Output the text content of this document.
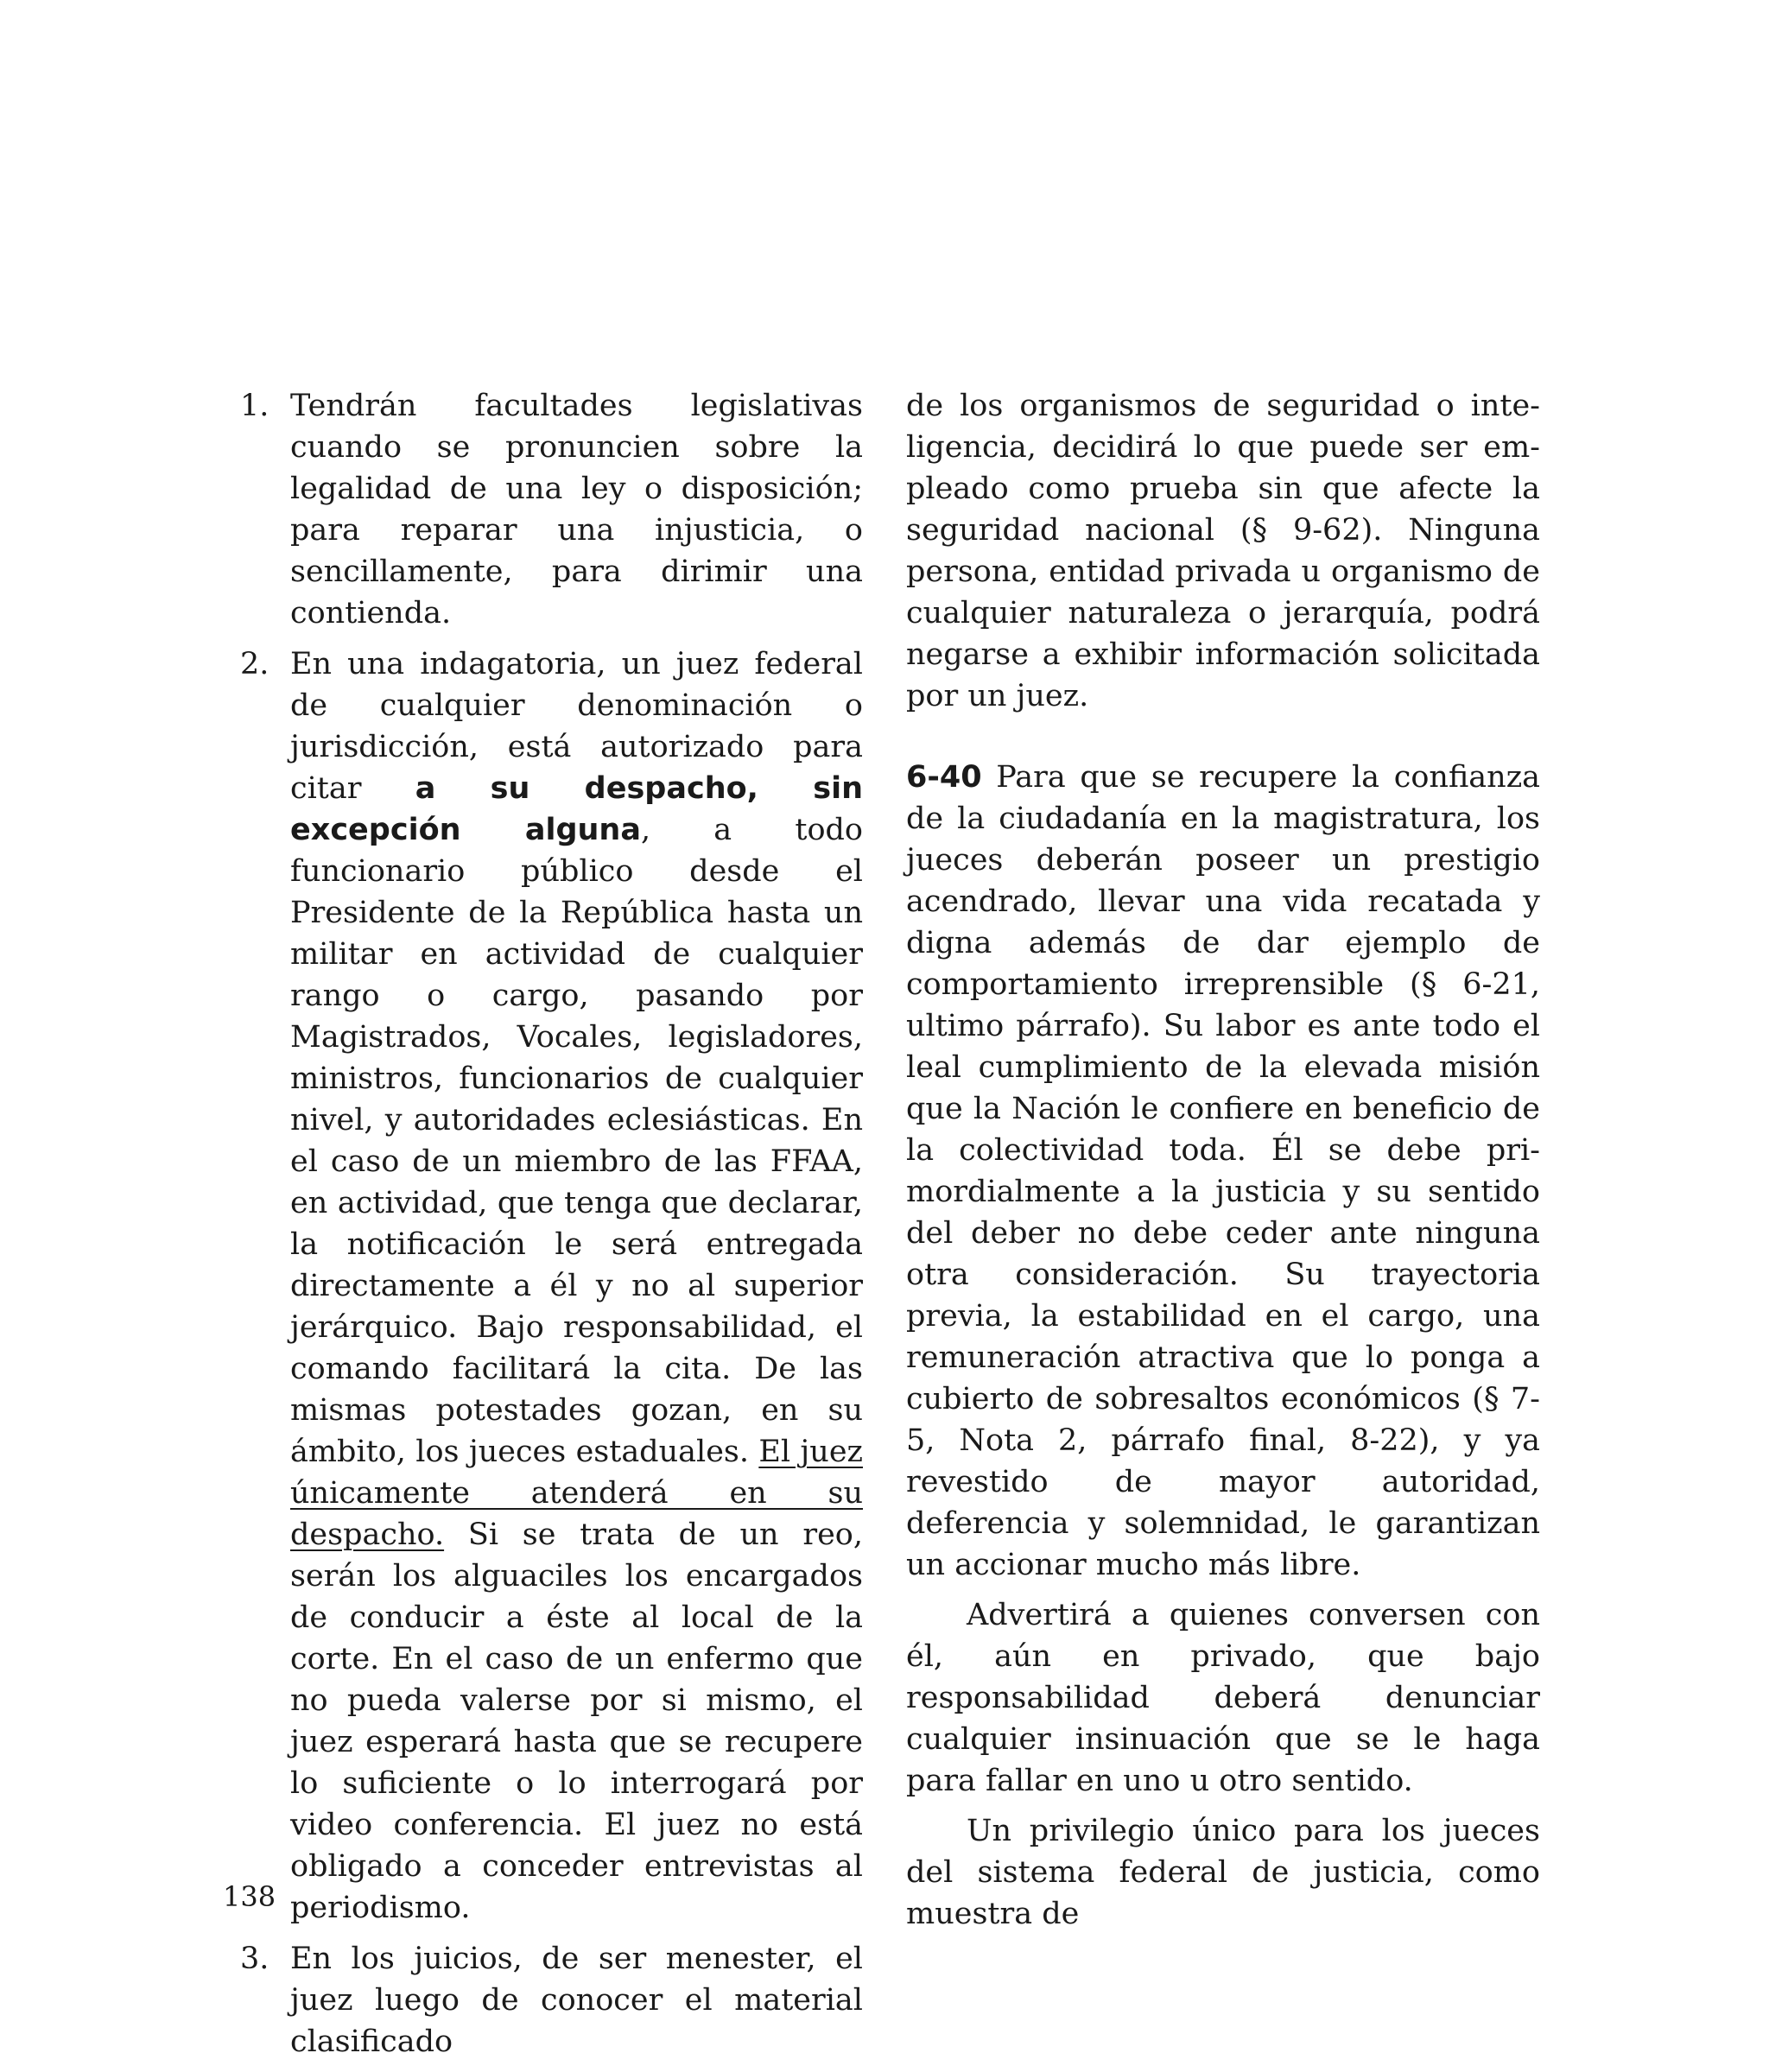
1. Tendrán facultades legislativas cuando se pronuncien sobre la legalidad de una ley o disposición; para reparar una injusticia, o sencillamente, para dirimir una contienda.
2. En una indagatoria, un juez federal de cualquier denominación o jurisdicción, está autorizado para citar a su despacho, sin excepción alguna, a todo funcionario público desde el Presidente de la República hasta un militar en actividad de cualquier rango o cargo, pasando por Magistrados, Vocales, legisladores, ministros, funcionarios de cualquier nivel, y autoridades eclesiásticas. En el caso de un miembro de las FFAA, en actividad, que tenga que declarar, la notificación le será entregada directamente a él y no al superior jerárquico. Bajo responsabilidad, el comando facilitará la cita. De las mismas potestades gozan, en su ámbito, los jueces estaduales. El juez únicamente atenderá en su despacho. Si se trata de un reo, serán los alguaciles los encargados de conducir a éste al local de la corte. En el caso de un enfermo que no pueda valerse por si mismo, el juez esperará hasta que se recupere lo suficiente o lo interrogará por video conferencia. El juez no está obligado a conceder entrevistas al periodismo.
3. En los juicios, de ser menester, el juez luego de conocer el material clasificado

de los organismos de seguridad o inteligencia, decidirá lo que puede ser empleado como prueba sin que afecte la seguridad nacional (§ 9-62). Ninguna persona, entidad privada u organismo de cualquier naturaleza o jerarquía, podrá negarse a exhibir información solicitada por un juez.

6-40 Para que se recupere la confianza de la ciudadanía en la magistratura, los jueces deberán poseer un prestigio acendrado, llevar una vida recatada y digna además de dar ejemplo de comportamiento irreprensible (§ 6-21, ultimo párrafo). Su labor es ante todo el leal cumplimiento de la elevada misión que la Nación le confiere en beneficio de la colectividad toda. Él se debe primordialmente a la justicia y su sentido del deber no debe ceder ante ninguna otra consideración. Su trayectoria previa, la estabilidad en el cargo, una remuneración atractiva que lo ponga a cubierto de sobresaltos económicos (§ 7-5, Nota 2, párrafo final, 8-22), y ya revestido de mayor autoridad, deferencia y solemnidad, le garantizan un accionar mucho más libre.

Advertirá a quienes conversen con él, aún en privado, que bajo responsabilidad deberá denunciar cualquier insinuación que se le haga para fallar en uno u otro sentido.

Un privilegio único para los jueces del sistema federal de justicia, como muestra de

138
